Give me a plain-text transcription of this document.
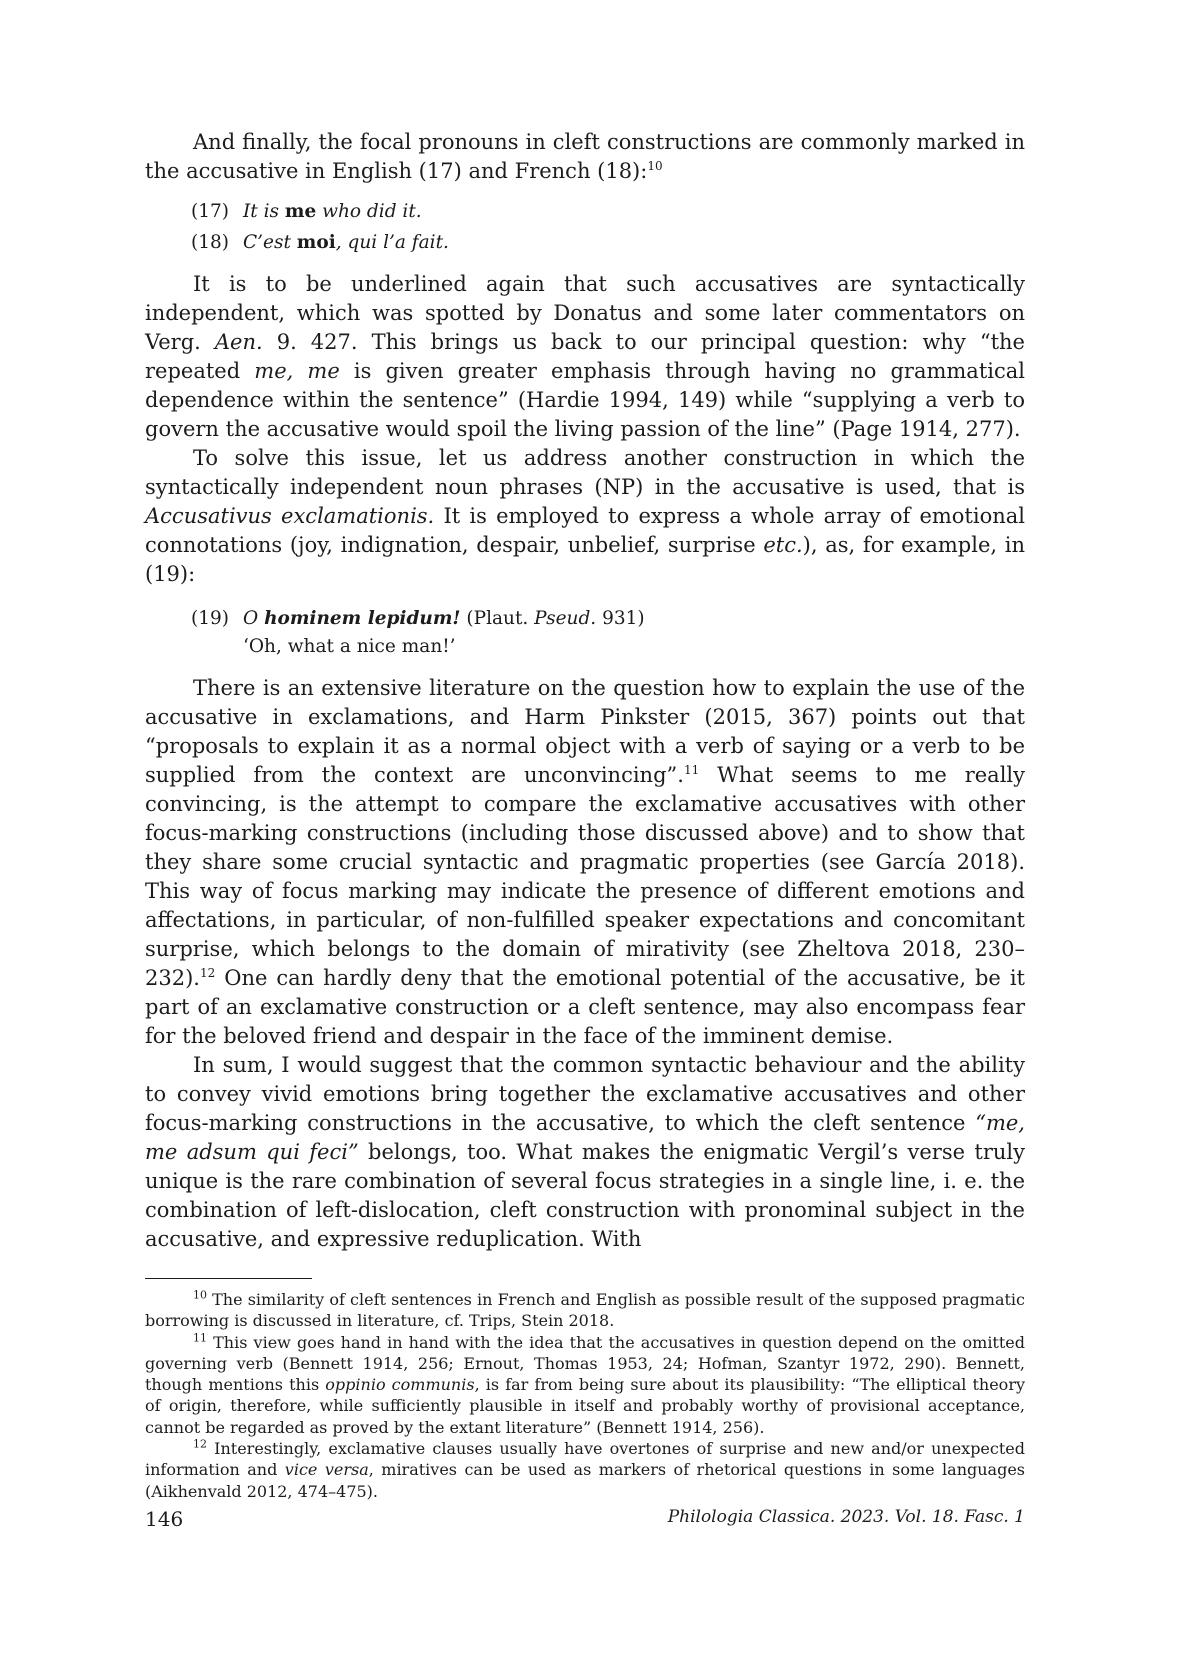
And finally, the focal pronouns in cleft constructions are commonly marked in the accusative in English (17) and French (18):$^{10}$

(17) It is me who did it.
(18) C’est moi, qui l’a fait.

It is to be underlined again that such accusatives are syntactically independent, which was spotted by Donatus and some later commentators on Verg. Aen. 9. 427. This brings us back to our principal question: why “the repeated me, me is given greater emphasis through having no grammatical dependence within the sentence” (Hardie 1994, 149) while “supplying a verb to govern the accusative would spoil the living passion of the line” (Page 1914, 277).

To solve this issue, let us address another construction in which the syntactically independent noun phrases (NP) in the accusative is used, that is Accusativus exclamationis. It is employed to express a whole array of emotional connotations (joy, indignation, despair, unbelief, surprise etc.), as, for example, in (19):

(19) O hominem lepidum! (Plaut. Pseud. 931)
‘Oh, what a nice man!’

There is an extensive literature on the question how to explain the use of the accusative in exclamations, and Harm Pinkster (2015, 367) points out that “proposals to explain it as a normal object with a verb of saying or a verb to be supplied from the context are unconvincing”.$^{11}$ What seems to me really convincing, is the attempt to compare the exclamative accusatives with other focus-marking constructions (including those discussed above) and to show that they share some crucial syntactic and pragmatic properties (see García 2018). This way of focus marking may indicate the presence of different emotions and affectations, in particular, of non-fulfilled speaker expectations and concomitant surprise, which belongs to the domain of mirativity (see Zheltova 2018, 230–232).$^{12}$ One can hardly deny that the emotional potential of the accusative, be it part of an exclamative construction or a cleft sentence, may also encompass fear for the beloved friend and despair in the face of the imminent demise.

In sum, I would suggest that the common syntactic behaviour and the ability to convey vivid emotions bring together the exclamative accusatives and other focus-marking constructions in the accusative, to which the cleft sentence “me, me adsum qui feci” belongs, too. What makes the enigmatic Vergil’s verse truly unique is the rare combination of several focus strategies in a single line, i. e. the combination of left-dislocation, cleft construction with pronominal subject in the accusative, and expressive reduplication. With

$^{10}$ The similarity of cleft sentences in French and English as possible result of the supposed pragmatic borrowing is discussed in literature, cf. Trips, Stein 2018.

$^{11}$ This view goes hand in hand with the idea that the accusatives in question depend on the omitted governing verb (Bennett 1914, 256; Ernout, Thomas 1953, 24; Hofman, Szantyr 1972, 290). Bennett, though mentions this oppinio communis, is far from being sure about its plausibility: “The elliptical theory of origin, therefore, while sufficiently plausible in itself and probably worthy of provisional acceptance, cannot be regarded as proved by the extant literature” (Bennett 1914, 256).

$^{12}$ Interestingly, exclamative clauses usually have overtones of surprise and new and/or unexpected information and vice versa, miratives can be used as markers of rhetorical questions in some languages (Aikhenvald 2012, 474–475).

146	Philologia Classica. 2023. Vol. 18. Fasc. 1
